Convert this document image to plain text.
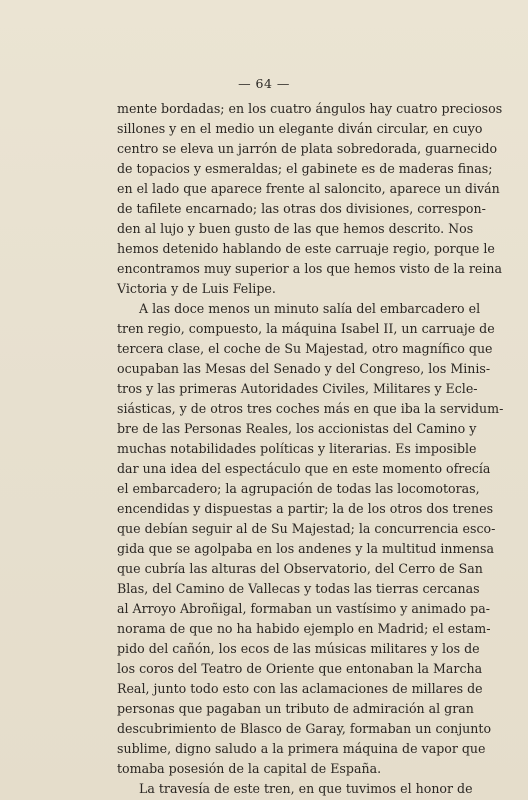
— 64 —
mente bordadas; en los cuatro ángulos hay cuatro preciosos
sillones y en el medio un elegante diván circular, en cuyo
centro se eleva un jarrón de plata sobredorada, guarnecido
de topacios y esmeraldas; el gabinete es de maderas finas;
en el lado que aparece frente al saloncito, aparece un diván
de tafilete encarnado; las otras dos divisiones, correspon-
den al lujo y buen gusto de las que hemos descrito. Nos
hemos detenido hablando de este carruaje regio, porque le
encontramos muy superior a los que hemos visto de la reina
Victoria y de Luis Felipe.
A las doce menos un minuto salía del embarcadero el
tren regio, compuesto, la máquina Isabel II, un carruaje de
tercera clase, el coche de Su Majestad, otro magnífico que
ocupaban las Mesas del Senado y del Congreso, los Minis-
tros y las primeras Autoridades Civiles, Militares y Ecle-
siásticas, y de otros tres coches más en que iba la servidum-
bre de las Personas Reales, los accionistas del Camino y
muchas notabilidades políticas y literarias. Es imposible
dar una idea del espectáculo que en este momento ofrecía
el embarcadero; la agrupación de todas las locomotoras,
encendidas y dispuestas a partir; la de los otros dos trenes
que debían seguir al de Su Majestad; la concurrencia esco-
gida que se agolpaba en los andenes y la multitud inmensa
que cubría las alturas del Observatorio, del Cerro de San
Blas, del Camino de Vallecas y todas las tierras cercanas
al Arroyo Abroñigal, formaban un vastísimo y animado pa-
norama de que no ha habido ejemplo en Madrid; el estam-
pido del cañón, los ecos de las músicas militares y los de
los coros del Teatro de Oriente que entonaban la Marcha
Real, junto todo esto con las aclamaciones de millares de
personas que pagaban un tributo de admiración al gran
descubrimiento de Blasco de Garay, formaban un conjunto
sublime, digno saludo a la primera máquina de vapor que
tomaba posesión de la capital de España.
La travesía de este tren, en que tuvimos el honor de
